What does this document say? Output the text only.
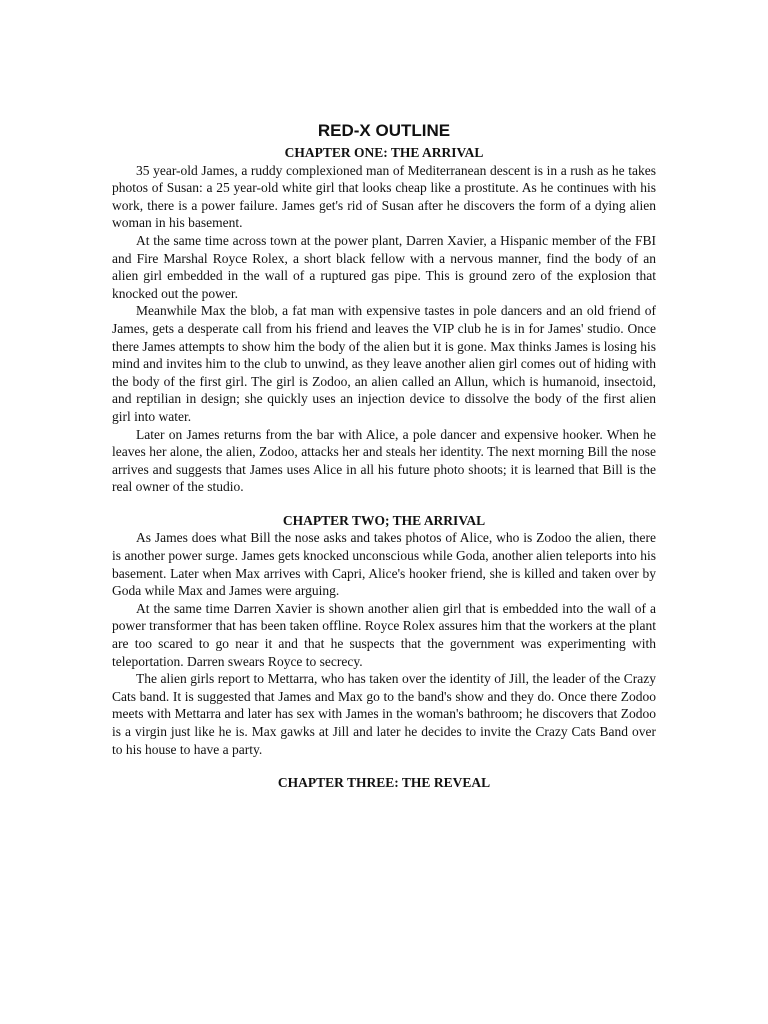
RED-X OUTLINE
CHAPTER ONE: THE ARRIVAL

35 year-old James, a ruddy complexioned man of Mediterranean descent is in a rush as he takes photos of Susan: a 25 year-old white girl that looks cheap like a prostitute. As he continues with his work, there is a power failure. James get's rid of Susan after he discovers the form of a dying alien woman in his basement.

At the same time across town at the power plant, Darren Xavier, a Hispanic member of the FBI and Fire Marshal Royce Rolex, a short black fellow with a nervous manner, find the body of an alien girl embedded in the wall of a ruptured gas pipe. This is ground zero of the explosion that knocked out the power.

Meanwhile Max the blob, a fat man with expensive tastes in pole dancers and an old friend of James, gets a desperate call from his friend and leaves the VIP club he is in for James' studio. Once there James attempts to show him the body of the alien but it is gone. Max thinks James is losing his mind and invites him to the club to unwind, as they leave another alien girl comes out of hiding with the body of the first girl. The girl is Zodoo, an alien called an Allun, which is humanoid, insectoid, and reptilian in design; she quickly uses an injection device to dissolve the body of the first alien girl into water.

Later on James returns from the bar with Alice, a pole dancer and expensive hooker. When he leaves her alone, the alien, Zodoo, attacks her and steals her identity. The next morning Bill the nose arrives and suggests that James uses Alice in all his future photo shoots; it is learned that Bill is the real owner of the studio.

CHAPTER TWO; THE ARRIVAL

As James does what Bill the nose asks and takes photos of Alice, who is Zodoo the alien, there is another power surge. James gets knocked unconscious while Goda, another alien teleports into his basement. Later when Max arrives with Capri, Alice's hooker friend, she is killed and taken over by Goda while Max and James were arguing.

At the same time Darren Xavier is shown another alien girl that is embedded into the wall of a power transformer that has been taken offline. Royce Rolex assures him that the workers at the plant are too scared to go near it and that he suspects that the government was experimenting with teleportation. Darren swears Royce to secrecy.

The alien girls report to Mettarra, who has taken over the identity of Jill, the leader of the Crazy Cats band. It is suggested that James and Max go to the band's show and they do. Once there Zodoo meets with Mettarra and later has sex with James in the woman's bathroom; he discovers that Zodoo is a virgin just like he is. Max gawks at Jill and later he decides to invite the Crazy Cats Band over to his house to have a party.

CHAPTER THREE: THE REVEAL
